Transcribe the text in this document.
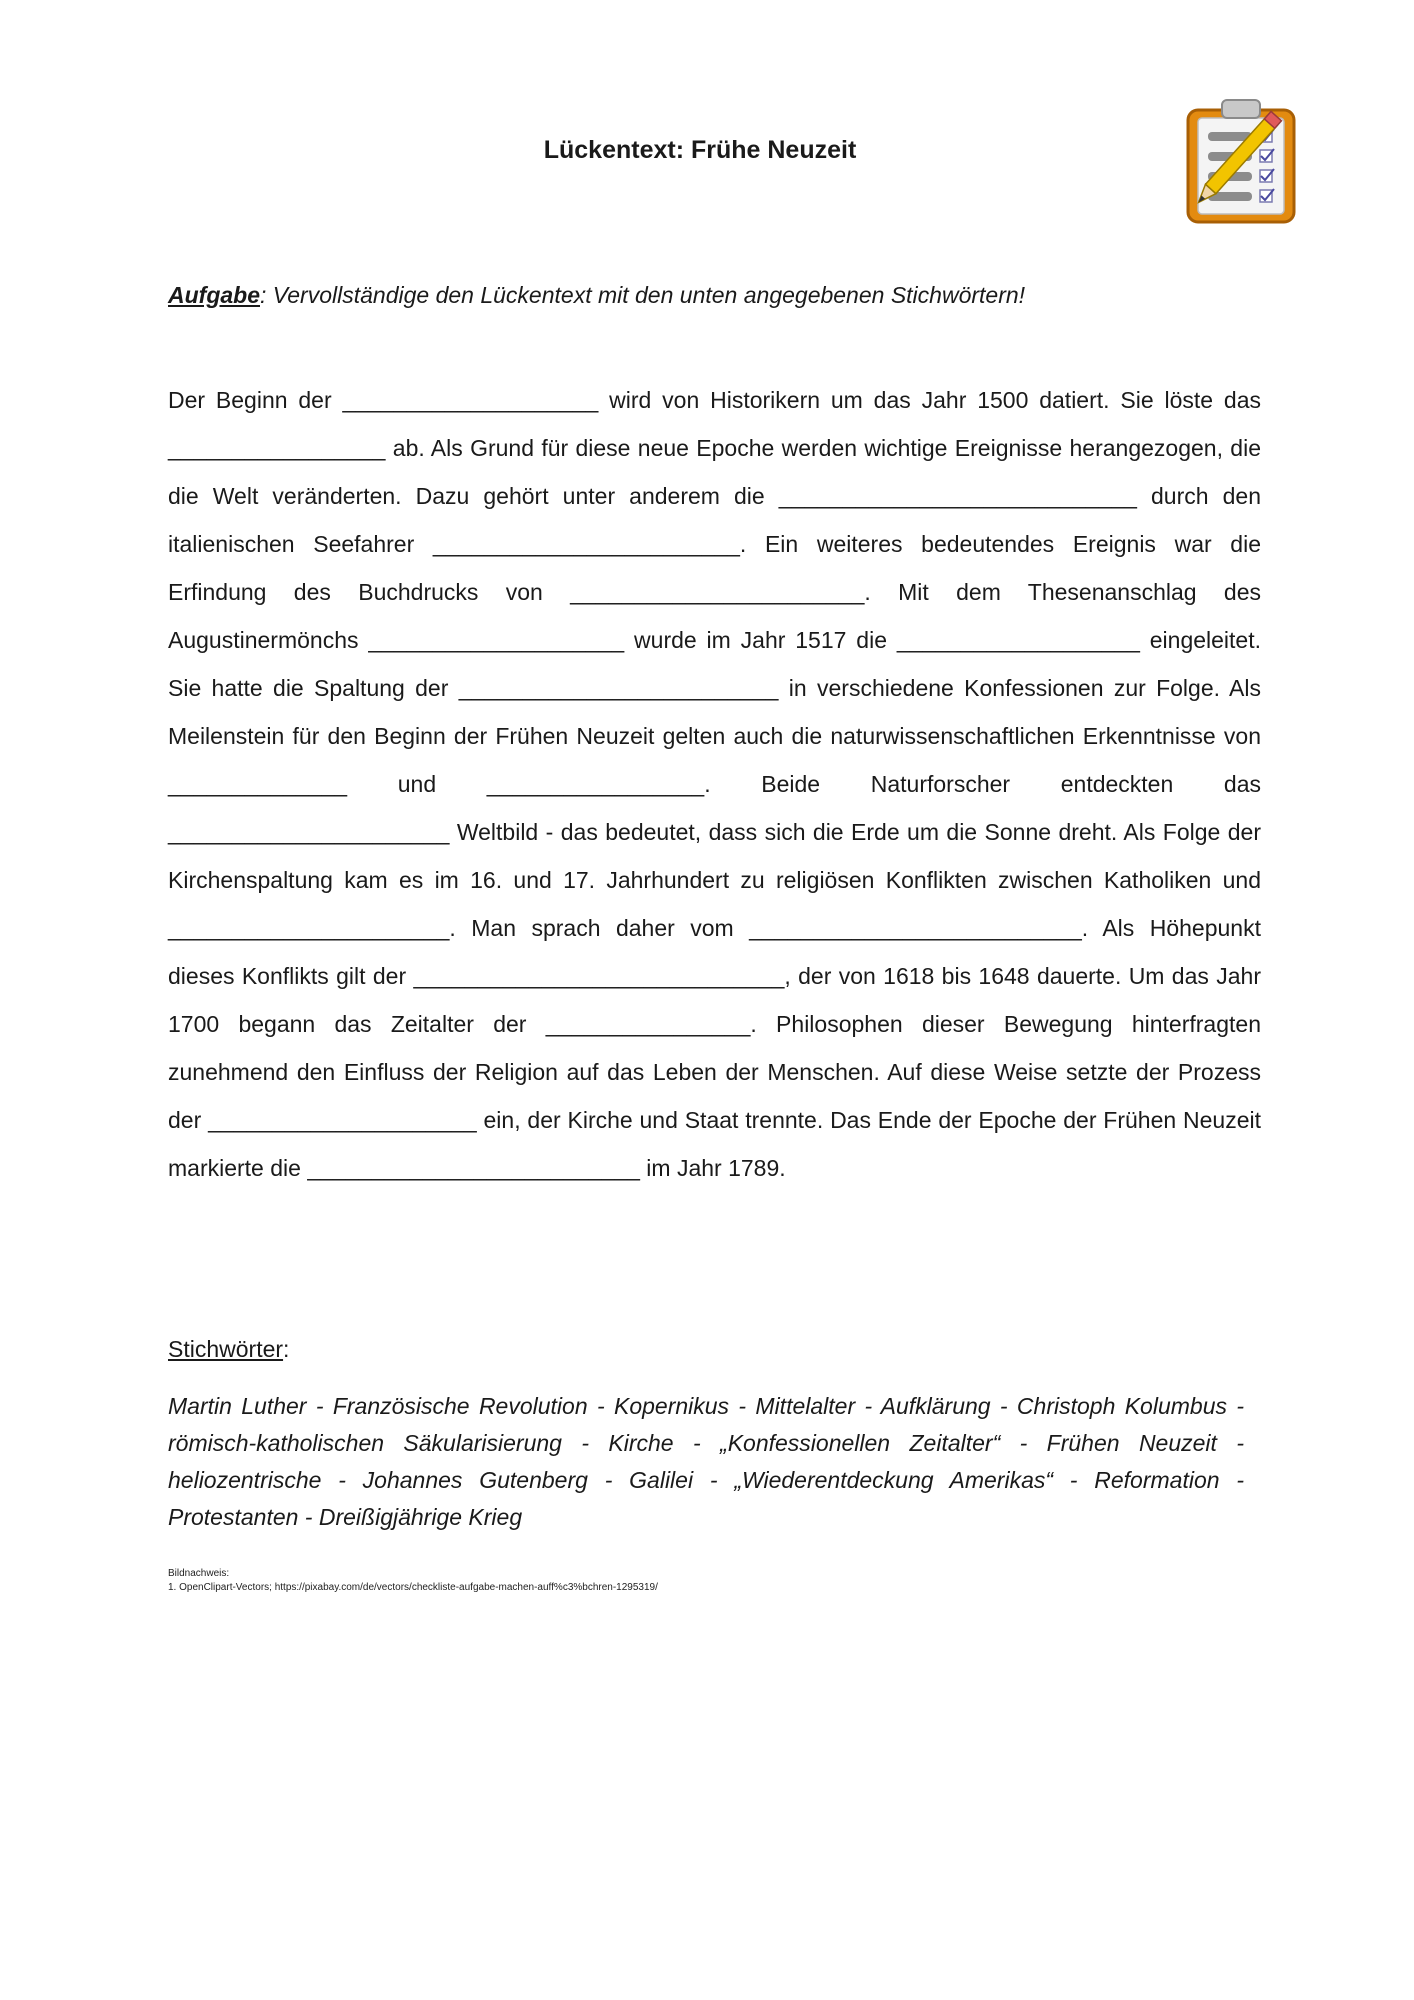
Lückentext: Frühe Neuzeit
Aufgabe: Vervollständige den Lückentext mit den unten angegebenen Stichwörtern!
Der Beginn der ____________________ wird von Historikern um das Jahr 1500 datiert. Sie löste das _________________ ab. Als Grund für diese neue Epoche werden wichtige Ereignisse herangezogen, die die Welt veränderten. Dazu gehört unter anderem die ____________________________ durch den italienischen Seefahrer ________________________. Ein weiteres bedeutendes Ereignis war die Erfindung des Buchdrucks von _______________________. Mit dem Thesenanschlag des Augustinermönchs ____________________ wurde im Jahr 1517 die ___________________ eingeleitet. Sie hatte die Spaltung der _________________________ in verschiedene Konfessionen zur Folge. Als Meilenstein für den Beginn der Frühen Neuzeit gelten auch die naturwissenschaftlichen Erkenntnisse von ______________ und _________________. Beide Naturforscher entdeckten das ______________________ Weltbild - das bedeutet, dass sich die Erde um die Sonne dreht. Als Folge der Kirchenspaltung kam es im 16. und 17. Jahrhundert zu religiösen Konflikten zwischen Katholiken und ______________________. Man sprach daher vom __________________________. Als Höhepunkt dieses Konflikts gilt der _____________________________, der von 1618 bis 1648 dauerte. Um das Jahr 1700 begann das Zeitalter der ________________. Philosophen dieser Bewegung hinterfragten zunehmend den Einfluss der Religion auf das Leben der Menschen. Auf diese Weise setzte der Prozess der _____________________ ein, der Kirche und Staat trennte. Das Ende der Epoche der Frühen Neuzeit markierte die __________________________ im Jahr 1789.
Stichwörter:
Martin Luther - Französische Revolution - Kopernikus - Mittelalter - Aufklärung - Christoph Kolumbus - römisch-katholischen Säkularisierung - Kirche - „Konfessionellen Zeitalter“ - Frühen Neuzeit - heliozentrische - Johannes Gutenberg - Galilei - „Wiederentdeckung Amerikas“ - Reformation - Protestanten - Dreißigjährige Krieg
Bildnachweis:
1. OpenClipart-Vectors; https://pixabay.com/de/vectors/checkliste-aufgabe-machen-auff%c3%bchren-1295319/
